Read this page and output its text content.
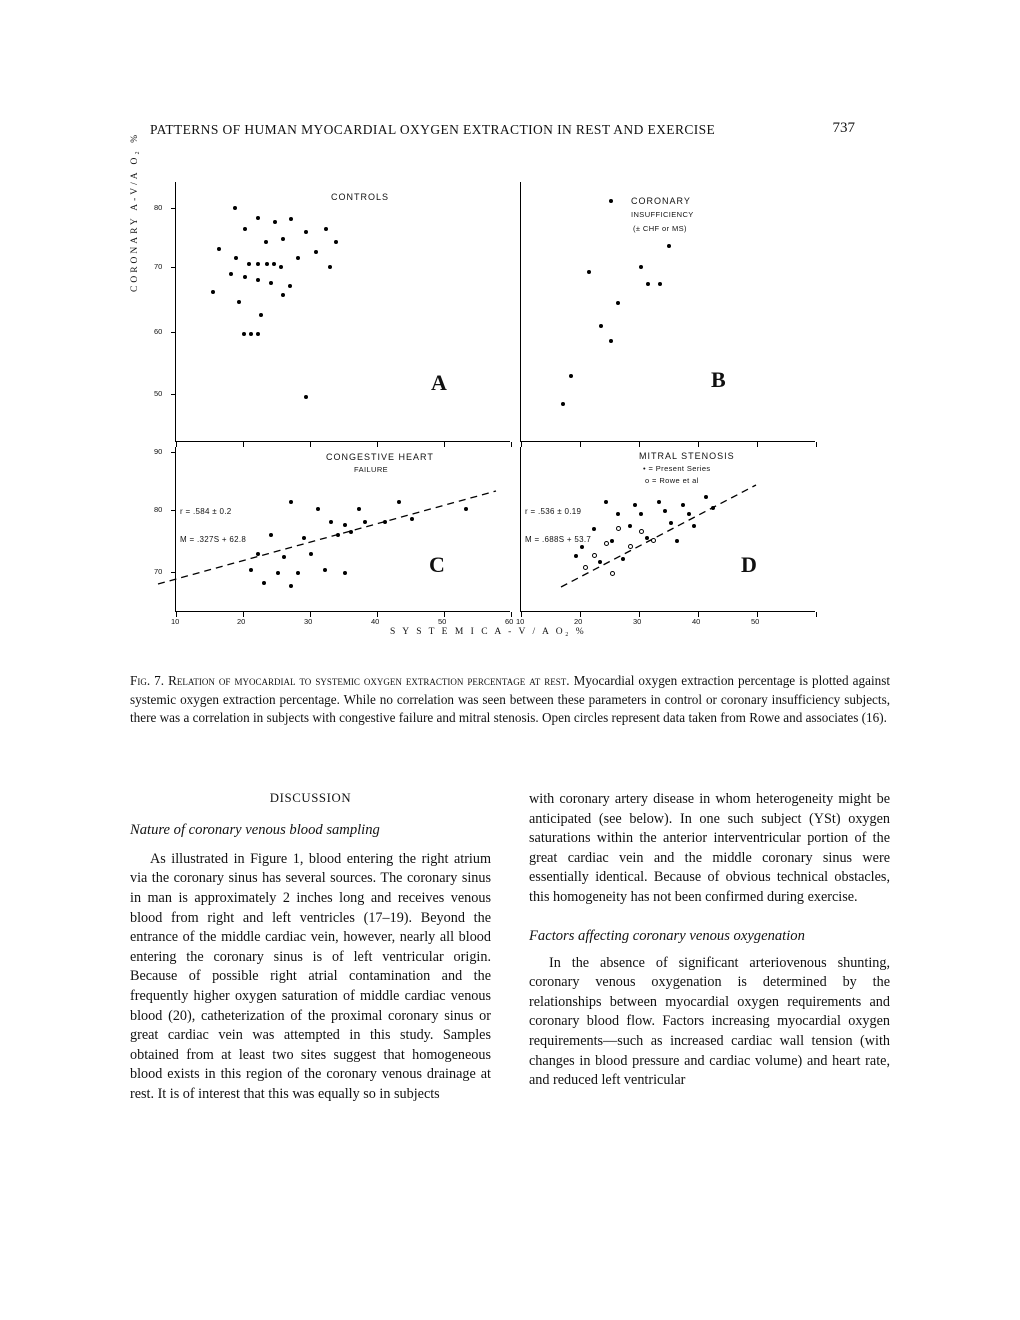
PATTERNS OF HUMAN MYOCARDIAL OXYGEN EXTRACTION IN REST AND EXERCISE	737
CORONARY A-V/A O₂ %
S Y S T E M I C A - V / A O₂ %
CONTROLS
A
80
70
60
50
CORONARY
INSUFFICIENCY
(± CHF or MS)
B
CONGESTIVE HEART
FAILURE
C
r = .584 ± 0.2
M = .327S + 62.8
90
80
70
10	20	30	40	50	60
MITRAL STENOSIS
• = Present Series
o = Rowe et al
D
r = .536 ± 0.19
M = .688S + 53.7
10	20	30	40	50
Fig. 7. Relation of myocardial to systemic oxygen extraction percentage at rest. Myocardial oxygen extraction percentage is plotted against systemic oxygen extraction percentage. While no correlation was seen between these parameters in control or coronary insufficiency subjects, there was a correlation in subjects with congestive failure and mitral stenosis. Open circles represent data taken from Rowe and associates (16).
DISCUSSION
Nature of coronary venous blood sampling

As illustrated in Figure 1, blood entering the right atrium via the coronary sinus has several sources. The coronary sinus in man is approximately 2 inches long and receives venous blood from right and left ventricles (17–19). Beyond the entrance of the middle cardiac vein, however, nearly all blood entering the coronary sinus is of left ventricular origin. Because of possible right atrial contamination and the frequently higher oxygen saturation of middle cardiac venous blood (20), catheterization of the proximal coronary sinus or great cardiac vein was attempted in this study. Samples obtained from at least two sites suggest that homogeneous blood exists in this region of the coronary venous drainage at rest. It is of interest that this was equally so in subjects

with coronary artery disease in whom heterogeneity might be anticipated (see below). In one such subject (YSt) oxygen saturations within the anterior interventricular portion of the great cardiac vein and the middle coronary sinus were essentially identical. Because of obvious technical obstacles, this homogeneity has not been confirmed during exercise.

Factors affecting coronary venous oxygenation

In the absence of significant arteriovenous shunting, coronary venous oxygenation is determined by the relationships between myocardial oxygen requirements and coronary blood flow. Factors increasing myocardial oxygen requirements—such as increased cardiac wall tension (with changes in blood pressure and cardiac volume) and heart rate, and reduced left ventricular
